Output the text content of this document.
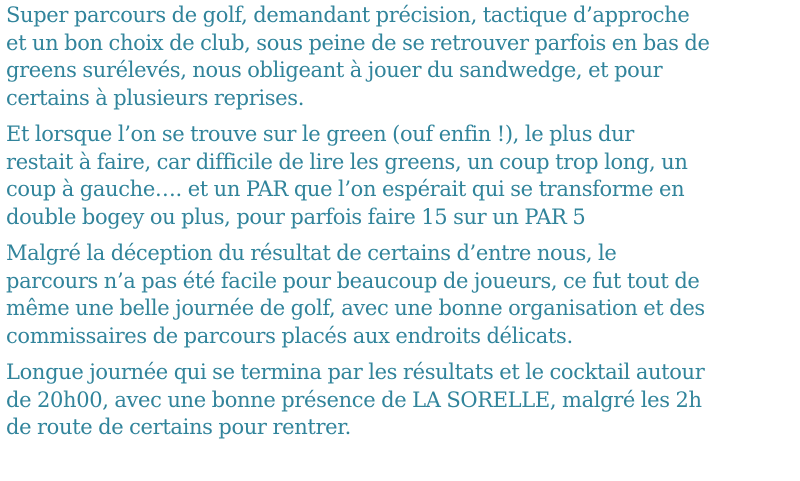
Super parcours de golf, demandant précision, tactique d’approche
et un bon choix de club, sous peine de se retrouver parfois en bas de
greens surélevés, nous obligeant à jouer du sandwedge, et pour
certains à plusieurs reprises.

Et lorsque l’on se trouve sur le green (ouf enfin !), le plus dur
restait à faire, car difficile de lire les greens, un coup trop long, un
coup à gauche…. et un PAR que l’on espérait qui se transforme en
double bogey ou plus, pour parfois faire 15 sur un PAR 5

Malgré la déception du résultat de certains d’entre nous, le
parcours n’a pas été facile pour beaucoup de joueurs, ce fut tout de
même une belle journée de golf, avec une bonne organisation et des
commissaires de parcours placés aux endroits délicats.

Longue journée qui se termina par les résultats et le cocktail autour
de 20h00, avec une bonne présence de LA SORELLE, malgré les 2h
de route de certains pour rentrer.
